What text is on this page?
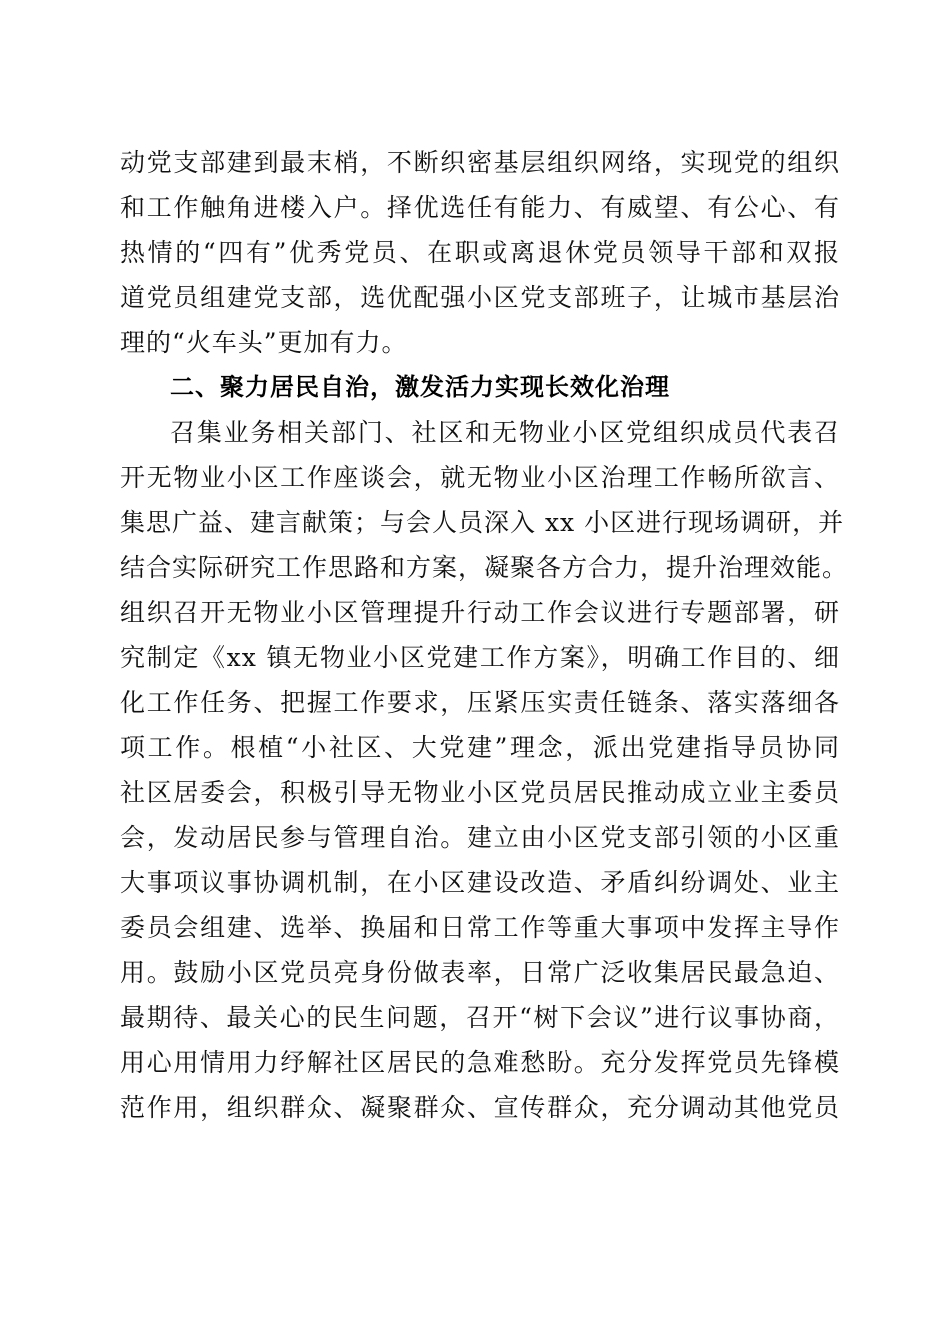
动党支部建到最末梢，不断织密基层组织网络，实现党的组织
和工作触角进楼入户。择优选任有能力、有威望、有公心、有
热情的“四有”优秀党员、在职或离退休党员领导干部和双报
道党员组建党支部，选优配强小区党支部班子，让城市基层治
理的“火车头”更加有力。
二、聚力居民自治，激发活力实现长效化治理
召集业务相关部门、社区和无物业小区党组织成员代表召
开无物业小区工作座谈会，就无物业小区治理工作畅所欲言、
集思广益、建言献策；与会人员深入 xx 小区进行现场调研，并
结合实际研究工作思路和方案，凝聚各方合力，提升治理效能。
组织召开无物业小区管理提升行动工作会议进行专题部署，研
究制定《xx 镇无物业小区党建工作方案》，明确工作目的、细
化工作任务、把握工作要求，压紧压实责任链条、落实落细各
项工作。根植“小社区、大党建”理念，派出党建指导员协同
社区居委会，积极引导无物业小区党员居民推动成立业主委员
会，发动居民参与管理自治。建立由小区党支部引领的小区重
大事项议事协调机制，在小区建设改造、矛盾纠纷调处、业主
委员会组建、选举、换届和日常工作等重大事项中发挥主导作
用。鼓励小区党员亮身份做表率，日常广泛收集居民最急迫、
最期待、最关心的民生问题，召开“树下会议”进行议事协商，
用心用情用力纾解社区居民的急难愁盼。充分发挥党员先锋模
范作用，组织群众、凝聚群众、宣传群众，充分调动其他党员
